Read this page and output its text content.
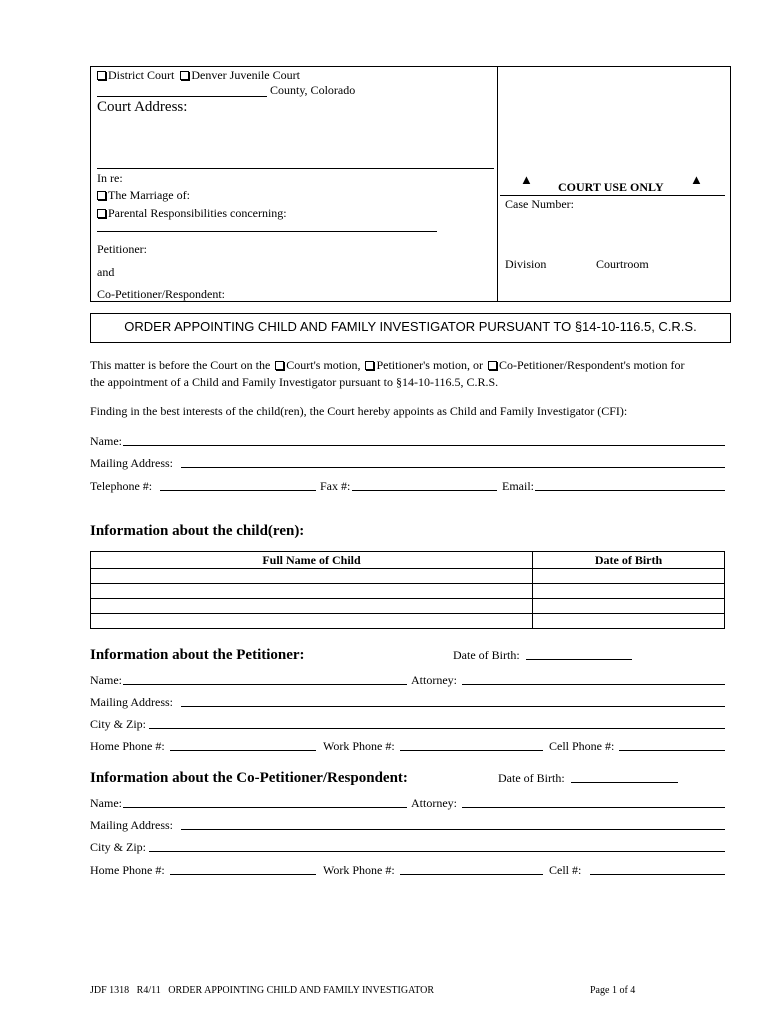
District Court Denver Juvenile Court
County, Colorado
Court Address:
In re:
The Marriage of:
Parental Responsibilities concerning:
Petitioner:
and
Co-Petitioner/Respondent:
▲ COURT USE ONLY ▲
Case Number:
Division	Courtroom
ORDER APPOINTING CHILD AND FAMILY INVESTIGATOR PURSUANT TO §14-10-116.5, C.R.S.
This matter is before the Court on the Court's motion, Petitioner's motion, or Co-Petitioner/Respondent's motion for
the appointment of a Child and Family Investigator pursuant to §14-10-116.5, C.R.S.
Finding in the best interests of the child(ren), the Court hereby appoints as Child and Family Investigator (CFI):
Name:
Mailing Address:
Telephone #:	Fax #:	Email:
Information about the child(ren):
Full Name of Child	Date of Birth

Information about the Petitioner:	Date of Birth:
Name:	Attorney:
Mailing Address:
City & Zip:
Home Phone #:	Work Phone #:	Cell Phone #:
Information about the Co-Petitioner/Respondent:	Date of Birth:
Name:	Attorney:
Mailing Address:
City & Zip:
Home Phone #:	Work Phone #:	Cell #:
JDF 1318   R4/11   ORDER APPOINTING CHILD AND FAMILY INVESTIGATOR	Page 1 of 4
